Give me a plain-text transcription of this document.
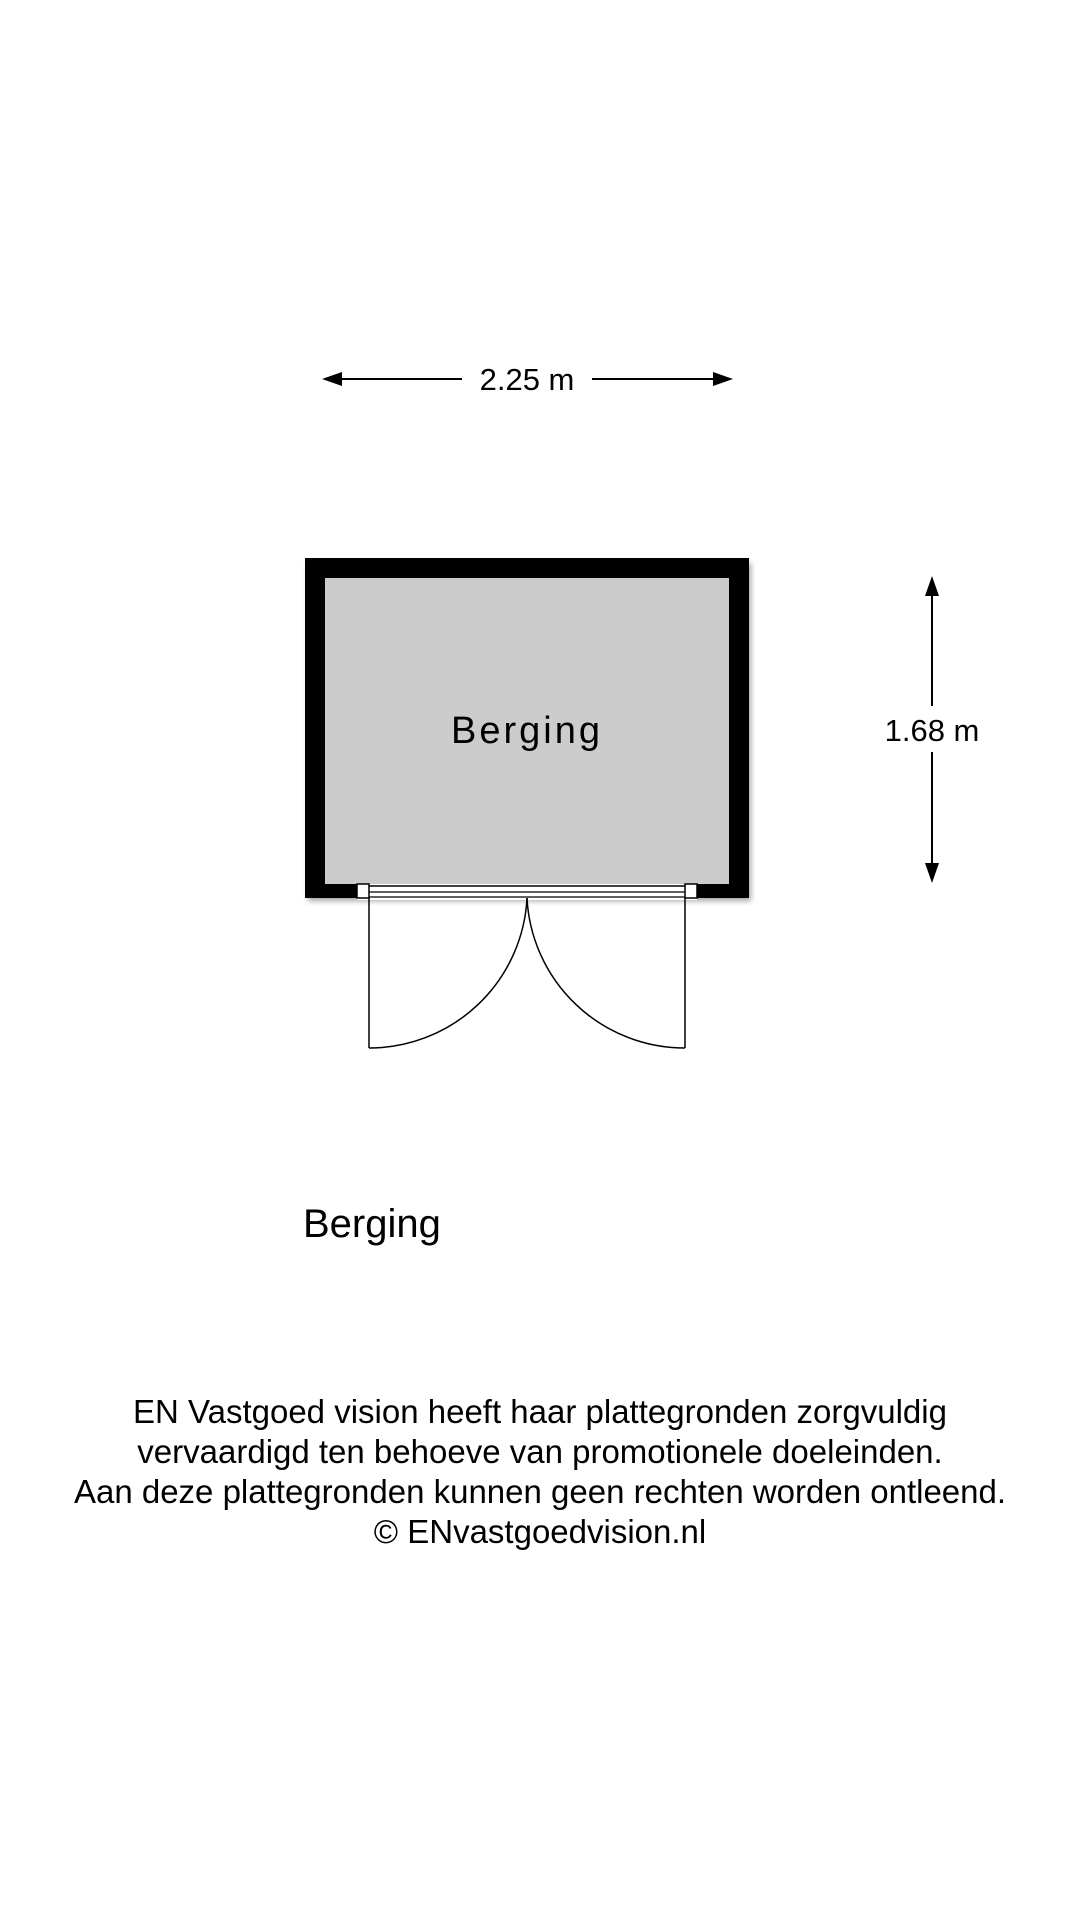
2.25 m
Berging	1.68 m
Berging
EN Vastgoed vision heeft haar plattegronden zorgvuldig
vervaardigd ten behoeve van promotionele doeleinden.
Aan deze plattegronden kunnen geen rechten worden ontleend.
© ENvastgoedvision.nl
